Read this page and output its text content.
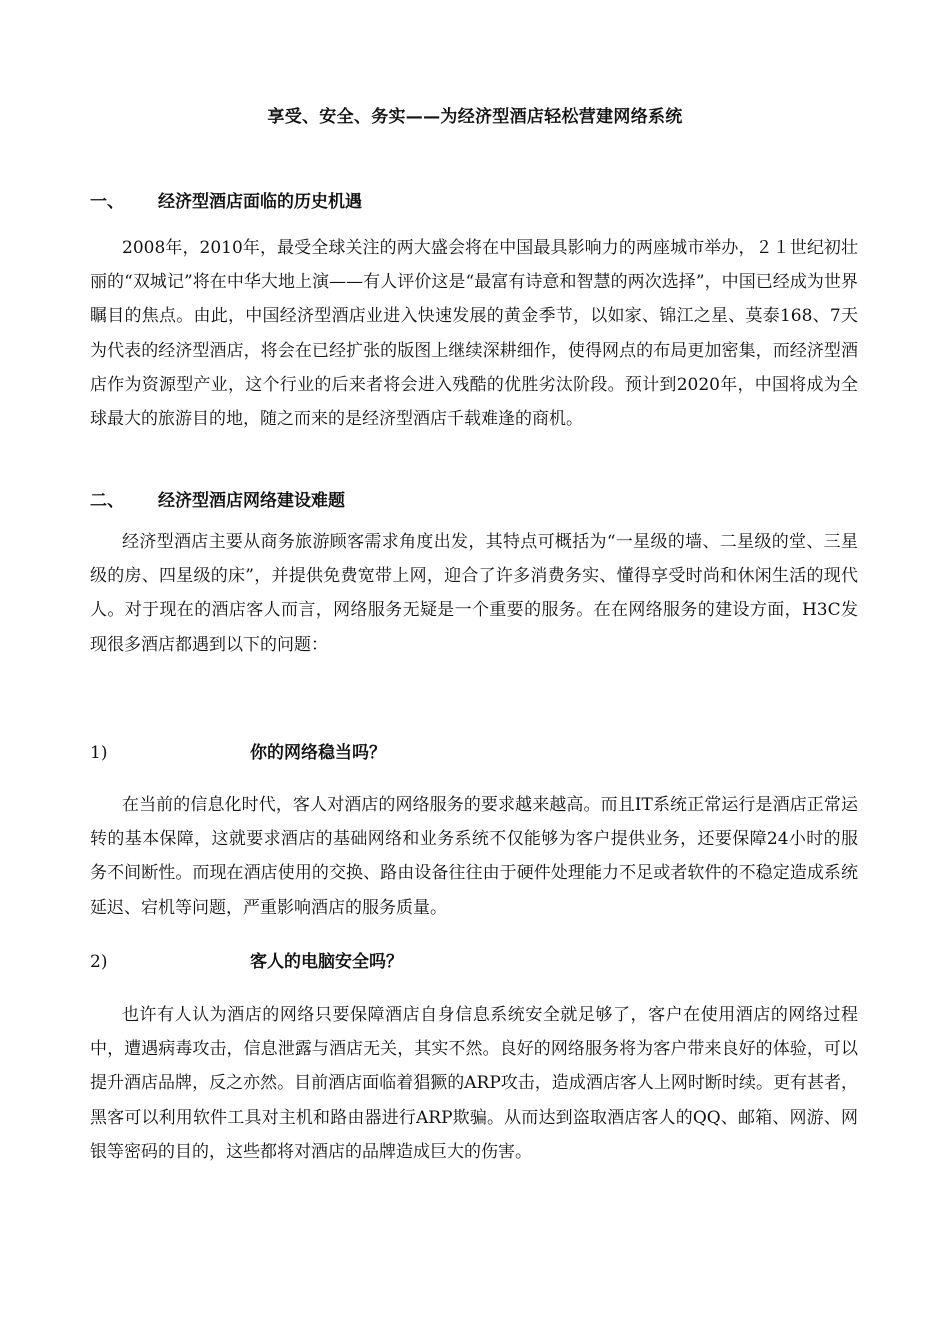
享受、安全、务实——为经济型酒店轻松营建网络系统
一、 经济型酒店面临的历史机遇
2008年，2010年，最受全球关注的两大盛会将在中国最具影响力的两座城市举办，２１世纪初壮丽的“双城记”将在中华大地上演——有人评价这是“最富有诗意和智慧的两次选择”，中国已经成为世界瞩目的焦点。由此，中国经济型酒店业进入快速发展的黄金季节，以如家、锦江之星、莫泰168、7天为代表的经济型酒店，将会在已经扩张的版图上继续深耕细作，使得网点的布局更加密集，而经济型酒店作为资源型产业，这个行业的后来者将会进入残酷的优胜劣汰阶段。预计到2020年，中国将成为全球最大的旅游目的地，随之而来的是经济型酒店千载难逢的商机。
二、 经济型酒店网络建设难题
经济型酒店主要从商务旅游顾客需求角度出发，其特点可概括为“一星级的墙、二星级的堂、三星级的房、四星级的床”，并提供免费宽带上网，迎合了许多消费务实、懂得享受时尚和休闲生活的现代人。对于现在的酒店客人而言，网络服务无疑是一个重要的服务。在在网络服务的建设方面，H3C发现很多酒店都遇到以下的问题：
1)	你的网络稳当吗？
在当前的信息化时代，客人对酒店的网络服务的要求越来越高。而且IT系统正常运行是酒店正常运转的基本保障，这就要求酒店的基础网络和业务系统不仅能够为客户提供业务，还要保障24小时的服务不间断性。而现在酒店使用的交换、路由设备往往由于硬件处理能力不足或者软件的不稳定造成系统延迟、宕机等问题，严重影响酒店的服务质量。
2)	客人的电脑安全吗？
也许有人认为酒店的网络只要保障酒店自身信息系统安全就足够了，客户在使用酒店的网络过程中，遭遇病毒攻击，信息泄露与酒店无关，其实不然。良好的网络服务将为客户带来良好的体验，可以提升酒店品牌，反之亦然。目前酒店面临着猖獗的ARP攻击，造成酒店客人上网时断时续。更有甚者，黑客可以利用软件工具对主机和路由器进行ARP欺骗。从而达到盗取酒店客人的QQ、邮箱、网游、网银等密码的目的，这些都将对酒店的品牌造成巨大的伤害。
